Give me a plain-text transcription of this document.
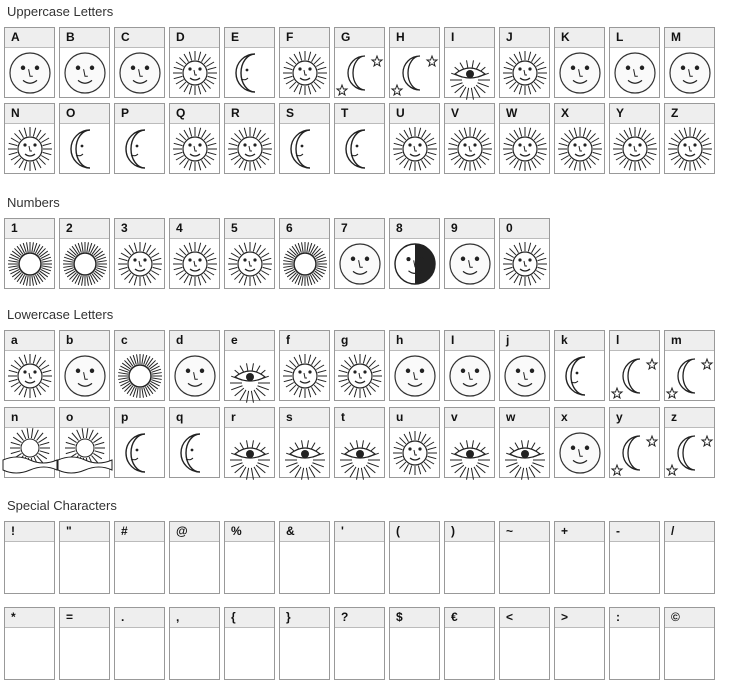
Uppercase Letters
A	B	C	D	E	F	G	H	I	J	K	L	M
N	O	P	Q	R	S	T	U	V	W	X	Y	Z
Numbers
1	2	3	4	5	6	7	8	9	0
Lowercase Letters
a	b	c	d	e	f	g	h	I	j	k	l	m
n	o	p	q	r	s	t	u	v	w	x	y	z
Special Characters
!	"	#	@	%	&	'	(	)	~	+	-	/
*	=	.	,	{	}	?	$	€	<	>	:	©
